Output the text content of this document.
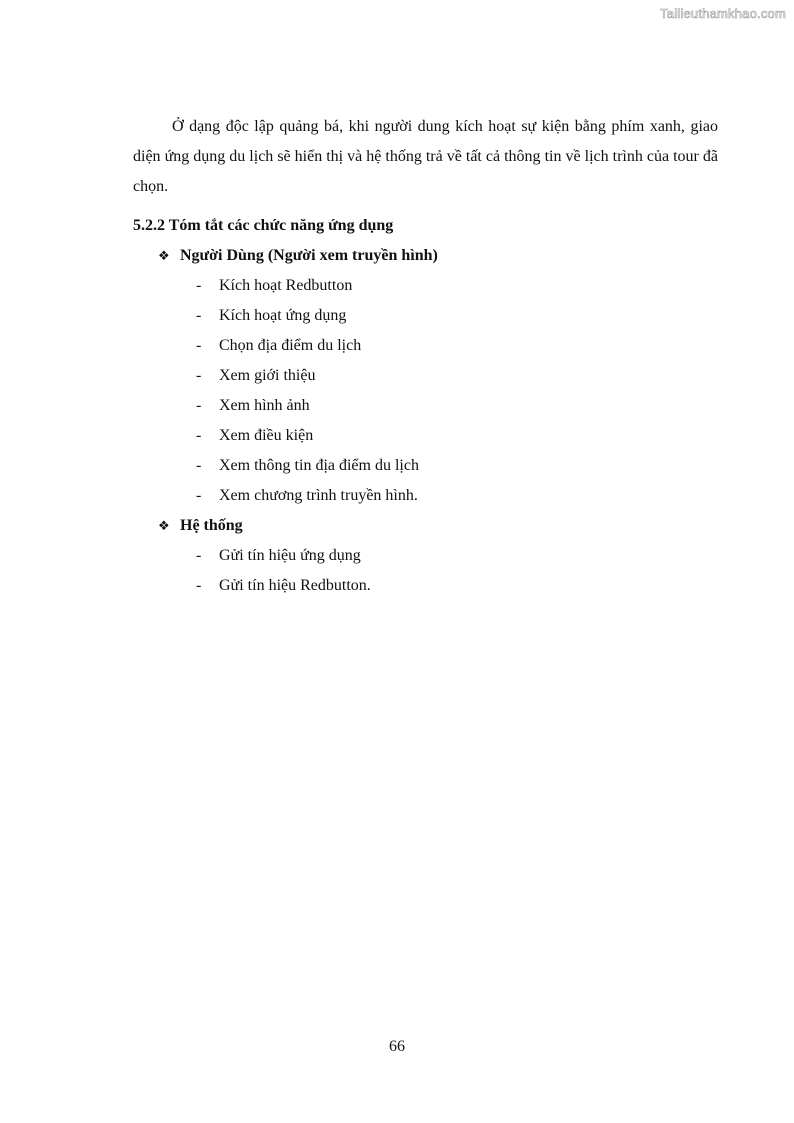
Tailieuthamkhao.com

Ở dạng độc lập quảng bá, khi người dung kích hoạt sự kiện bằng phím xanh, giao diện ứng dụng du lịch sẽ hiển thị và hệ thống trả về tất cả thông tin về lịch trình của tour đã chọn.

5.2.2 Tóm tắt các chức năng ứng dụng
❖ Người Dùng (Người xem truyền hình)
- Kích hoạt Redbutton
- Kích hoạt ứng dụng
- Chọn địa điểm du lịch
- Xem giới thiệu
- Xem hình ảnh
- Xem điều kiện
- Xem thông tin địa điểm du lịch
- Xem chương trình truyền hình.
❖ Hệ thống
- Gửi tín hiệu ứng dụng
- Gửi tín hiệu Redbutton.
66
